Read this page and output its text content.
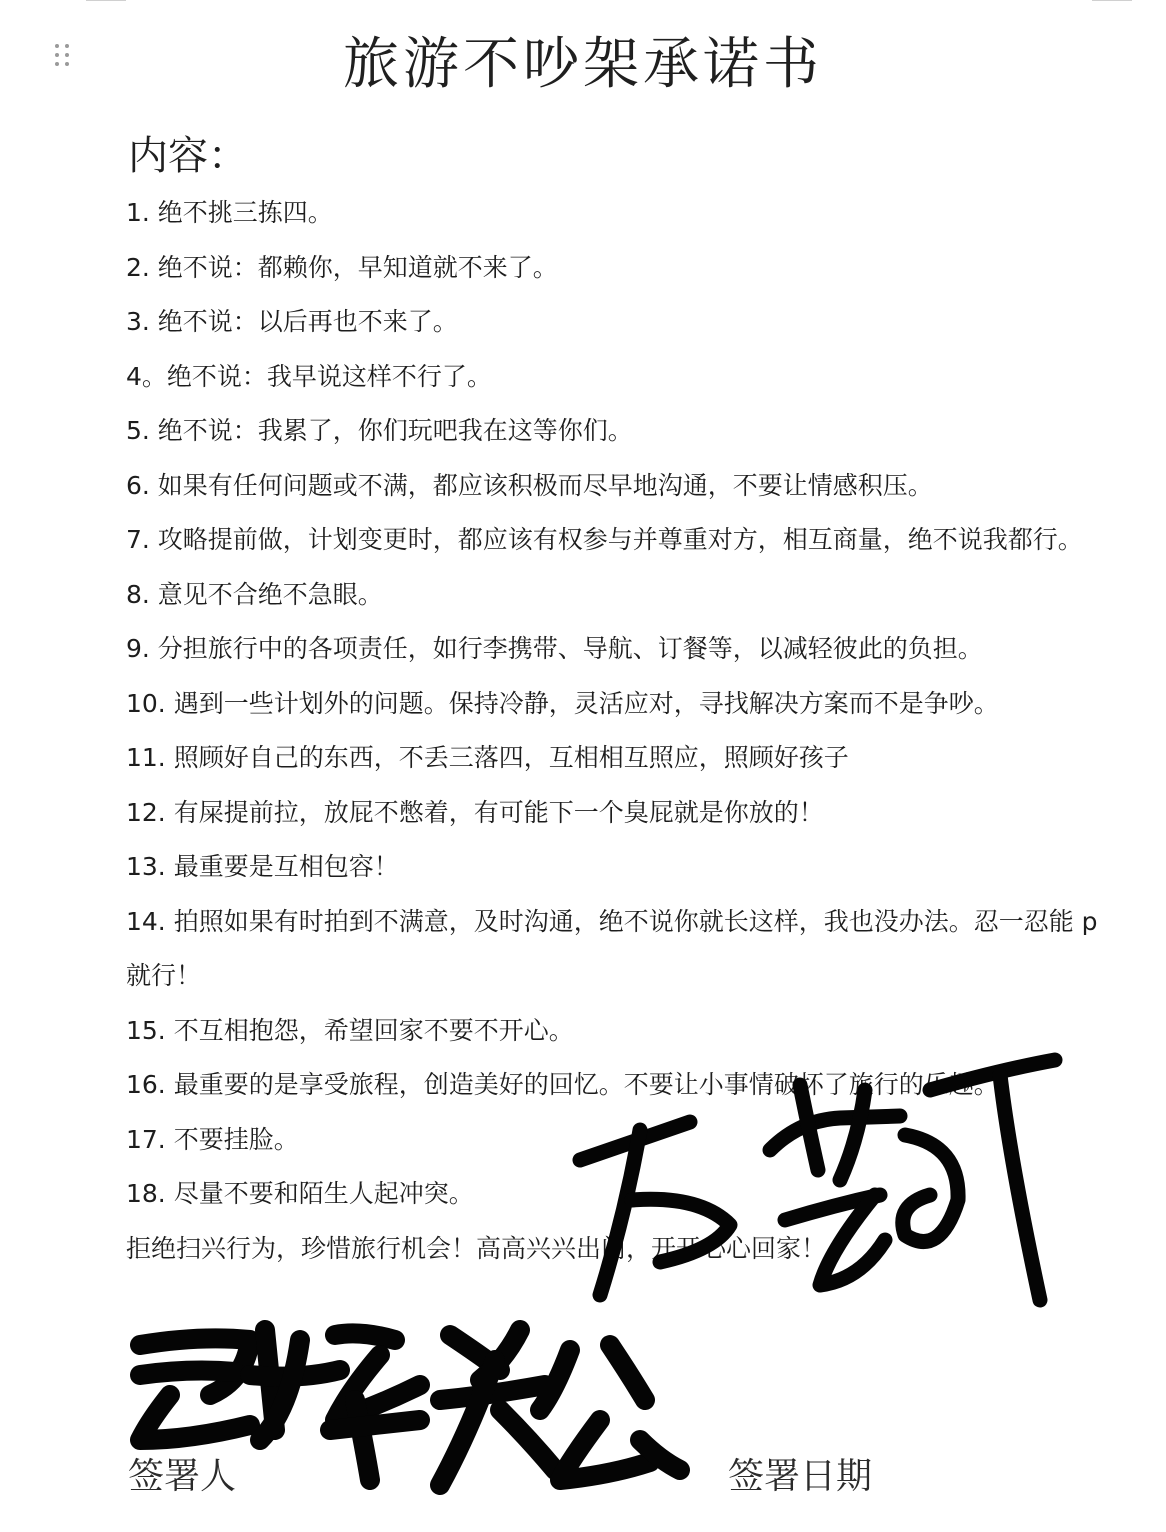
旅游不吵架承诺书
内容：
1. 绝不挑三拣四。
2. 绝不说：都赖你，早知道就不来了。
3. 绝不说：以后再也不来了。
4。绝不说：我早说这样不行了。
5. 绝不说：我累了，你们玩吧我在这等你们。
6. 如果有任何问题或不满，都应该积极而尽早地沟通，不要让情感积压。
7. 攻略提前做，计划变更时，都应该有权参与并尊重对方，相互商量，绝不说我都行。
8. 意见不合绝不急眼。
9. 分担旅行中的各项责任，如行李携带、导航、订餐等，以减轻彼此的负担。
10. 遇到一些计划外的问题。保持冷静，灵活应对，寻找解决方案而不是争吵。
11. 照顾好自己的东西，不丢三落四，互相相互照应，照顾好孩子
12. 有屎提前拉，放屁不憋着，有可能下一个臭屁就是你放的！
13. 最重要是互相包容！
14. 拍照如果有时拍到不满意，及时沟通，绝不说你就长这样，我也没办法。忍一忍能 p 就行！
15. 不互相抱怨，希望回家不要不开心。
16. 最重要的是享受旅程，创造美好的回忆。不要让小事情破坏了旅行的乐趣。
17. 不要挂脸。
18. 尽量不要和陌生人起冲突。
拒绝扫兴行为，珍惜旅行机会！高高兴兴出门，开开心心回家！
签署人	签署日期
